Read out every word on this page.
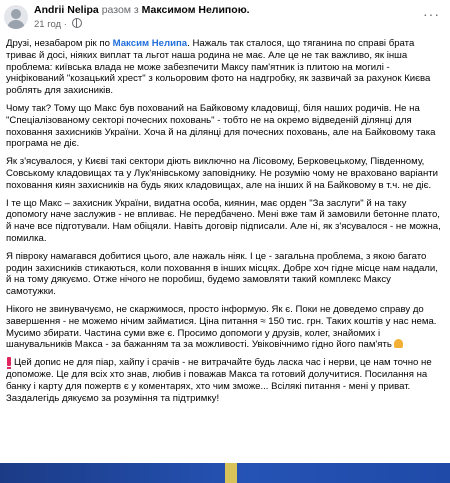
Andrii Nelipa разом з Максимом Нелипою.
21 год ·
···

Друзі, незабаром рік по Максим Нелипа. Нажаль так сталося, що тяганина по справі брата триває й досі, ніяких виплат та льгот наша родина не має. Але це не так важливо, як інша проблема: київська влада не може забезпечити Максу пам'ятник із плитою на могилі - уніфікований "козацький хрест" з кольоровим фото на надгробку, як зазвичай за рахунок Києва роблять для захисників.

Чому так? Тому що Макс був похований на Байковому кладовищі, біля наших родичів. Не на "Спеціалізованому секторі почесних поховань" - тобто не на окремо відведеній ділянці для поховання захисників України. Хоча й на ділянці для почесних поховань, але на Байковому така програма не діє.

Як з'ясувалося, у Києві такі сектори діють виключно на Лісовому, Берковецькому, Південному, Совському кладовищах та у Лук'янівському заповіднику. Не розумію чому не враховано варіанти поховання киян захисників на будь яких кладовищах, але на інших й на Байковому в т.ч. не діє.

І те що Макс – захисник України, видатна особа, киянин, має орден "За заслуги" й на таку допомогу наче заслужив - не впливає. Не передбачено. Мені вже там й замовили бетонне плато, й наче все підготували. Нам обіцяли. Навіть договір підписали. Але ні, як з'ясувалося - не можна, помилка.

Я півроку намагався добитися цього, але нажаль ніяк. І це - загальна проблема, з якою багато родин захисників стикаються, коли поховання в інших місцях. Добре хоч гідне місце нам надали, й на тому дякуємо. Отже нічого не поробиш, будемо замовляти такий комплекс Максу самотужки.

Нікого не звинувачуємо, не скаржимося, просто інформую. Як є. Поки не доведемо справу до завершення - не можемо нічим займатися. Ціна питання ≈ 150 тис. грн. Таких коштів у нас нема. Мусимо збирати. Частина суми вже є. Просимо допомоги у друзів, колег, знайомих і шанувальників Макса - за бажанням та за можливості. Увіковічнимо гідно його пам'ять

Цей допис не для пiар, хайпу і срачів - не витрачайте будь ласка час і нерви, це нам точно не допоможе. Це для всіх хто знав, любив і поважав Макса та готовий долучитися. Посилання на банку і карту для пожертв є у коментарях, хто чим зможе... Всілякі питання - мені у приват. Заздалегідь дякуємо за розуміння та підтримку!
